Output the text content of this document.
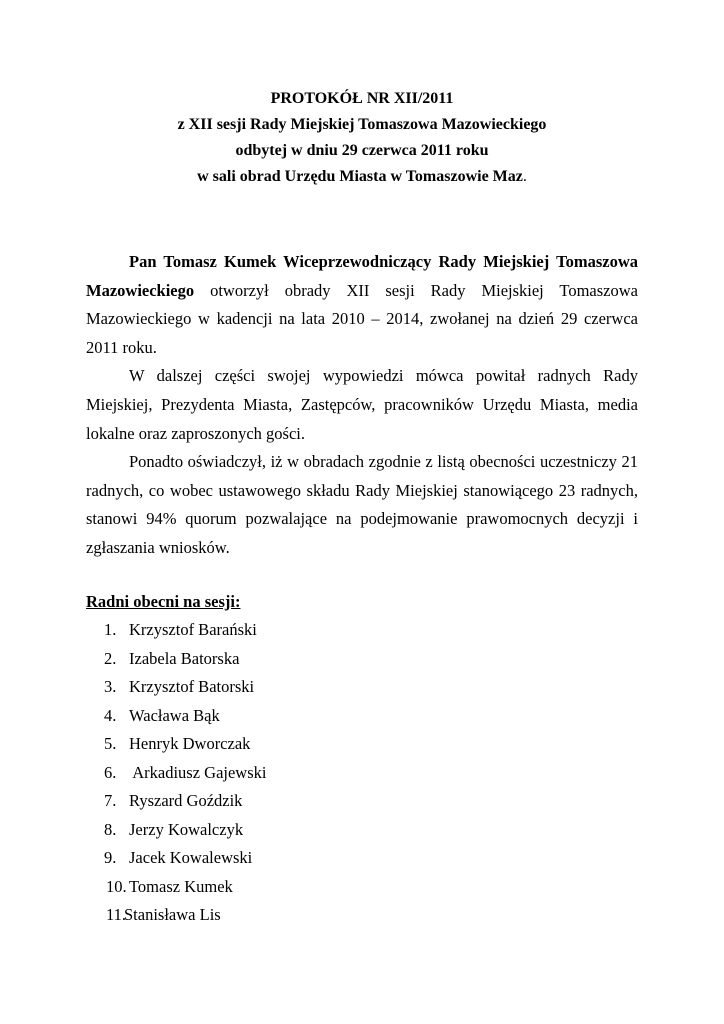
PROTOKÓŁ NR XII/2011
z XII sesji Rady Miejskiej Tomaszowa Mazowieckiego
odbytej w dniu 29 czerwca 2011 roku
w sali obrad Urzędu Miasta w Tomaszowie Maz.

Pan Tomasz Kumek Wiceprzewodniczący Rady Miejskiej Tomaszowa Mazowieckiego otworzył obrady XII sesji Rady Miejskiej Tomaszowa Mazowieckiego w kadencji na lata 2010 – 2014, zwołanej na dzień 29 czerwca 2011 roku.

W dalszej części swojej wypowiedzi mówca powitał radnych Rady Miejskiej, Prezydenta Miasta, Zastępców, pracowników Urzędu Miasta, media lokalne oraz zaproszonych gości.

Ponadto oświadczył, iż w obradach zgodnie z listą obecności uczestniczy 21 radnych, co wobec ustawowego składu Rady Miejskiej stanowiącego 23 radnych, stanowi 94% quorum pozwalające na podejmowanie prawomocnych decyzji i zgłaszania wniosków.

Radni obecni na sesji:
1. Krzysztof Barański
2. Izabela Batorska
3. Krzysztof Batorski
4. Wacława Bąk
5. Henryk Dworczak
6. Arkadiusz Gajewski
7. Ryszard Goździk
8. Jerzy Kowalczyk
9. Jacek Kowalewski
10. Tomasz Kumek
11.
Stanisława Lis
